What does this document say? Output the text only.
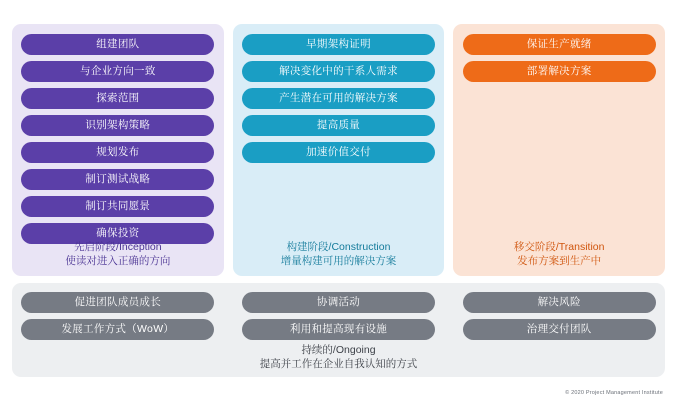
组建团队
与企业方向一致
探索范围
识别架构策略
规划发布
制订测试战略
制订共同愿景
确保投资
先启阶段/Inception
使读对进入正确的方向
早期架构证明
解决变化中的干系人需求
产生潜在可用的解决方案
提高质量
加速价值交付
构建阶段/Construction
增量构建可用的解决方案
保证生产就绪
部署解决方案
移交阶段/Transition
发布方案到生产中
促进团队成员成长
发展工作方式（WoW）
协调活动
利用和提高现有设施
解决风险
治理交付团队
持续的/Ongoing
提高并工作在企业自我认知的方式
© 2020 Project Management Institute
